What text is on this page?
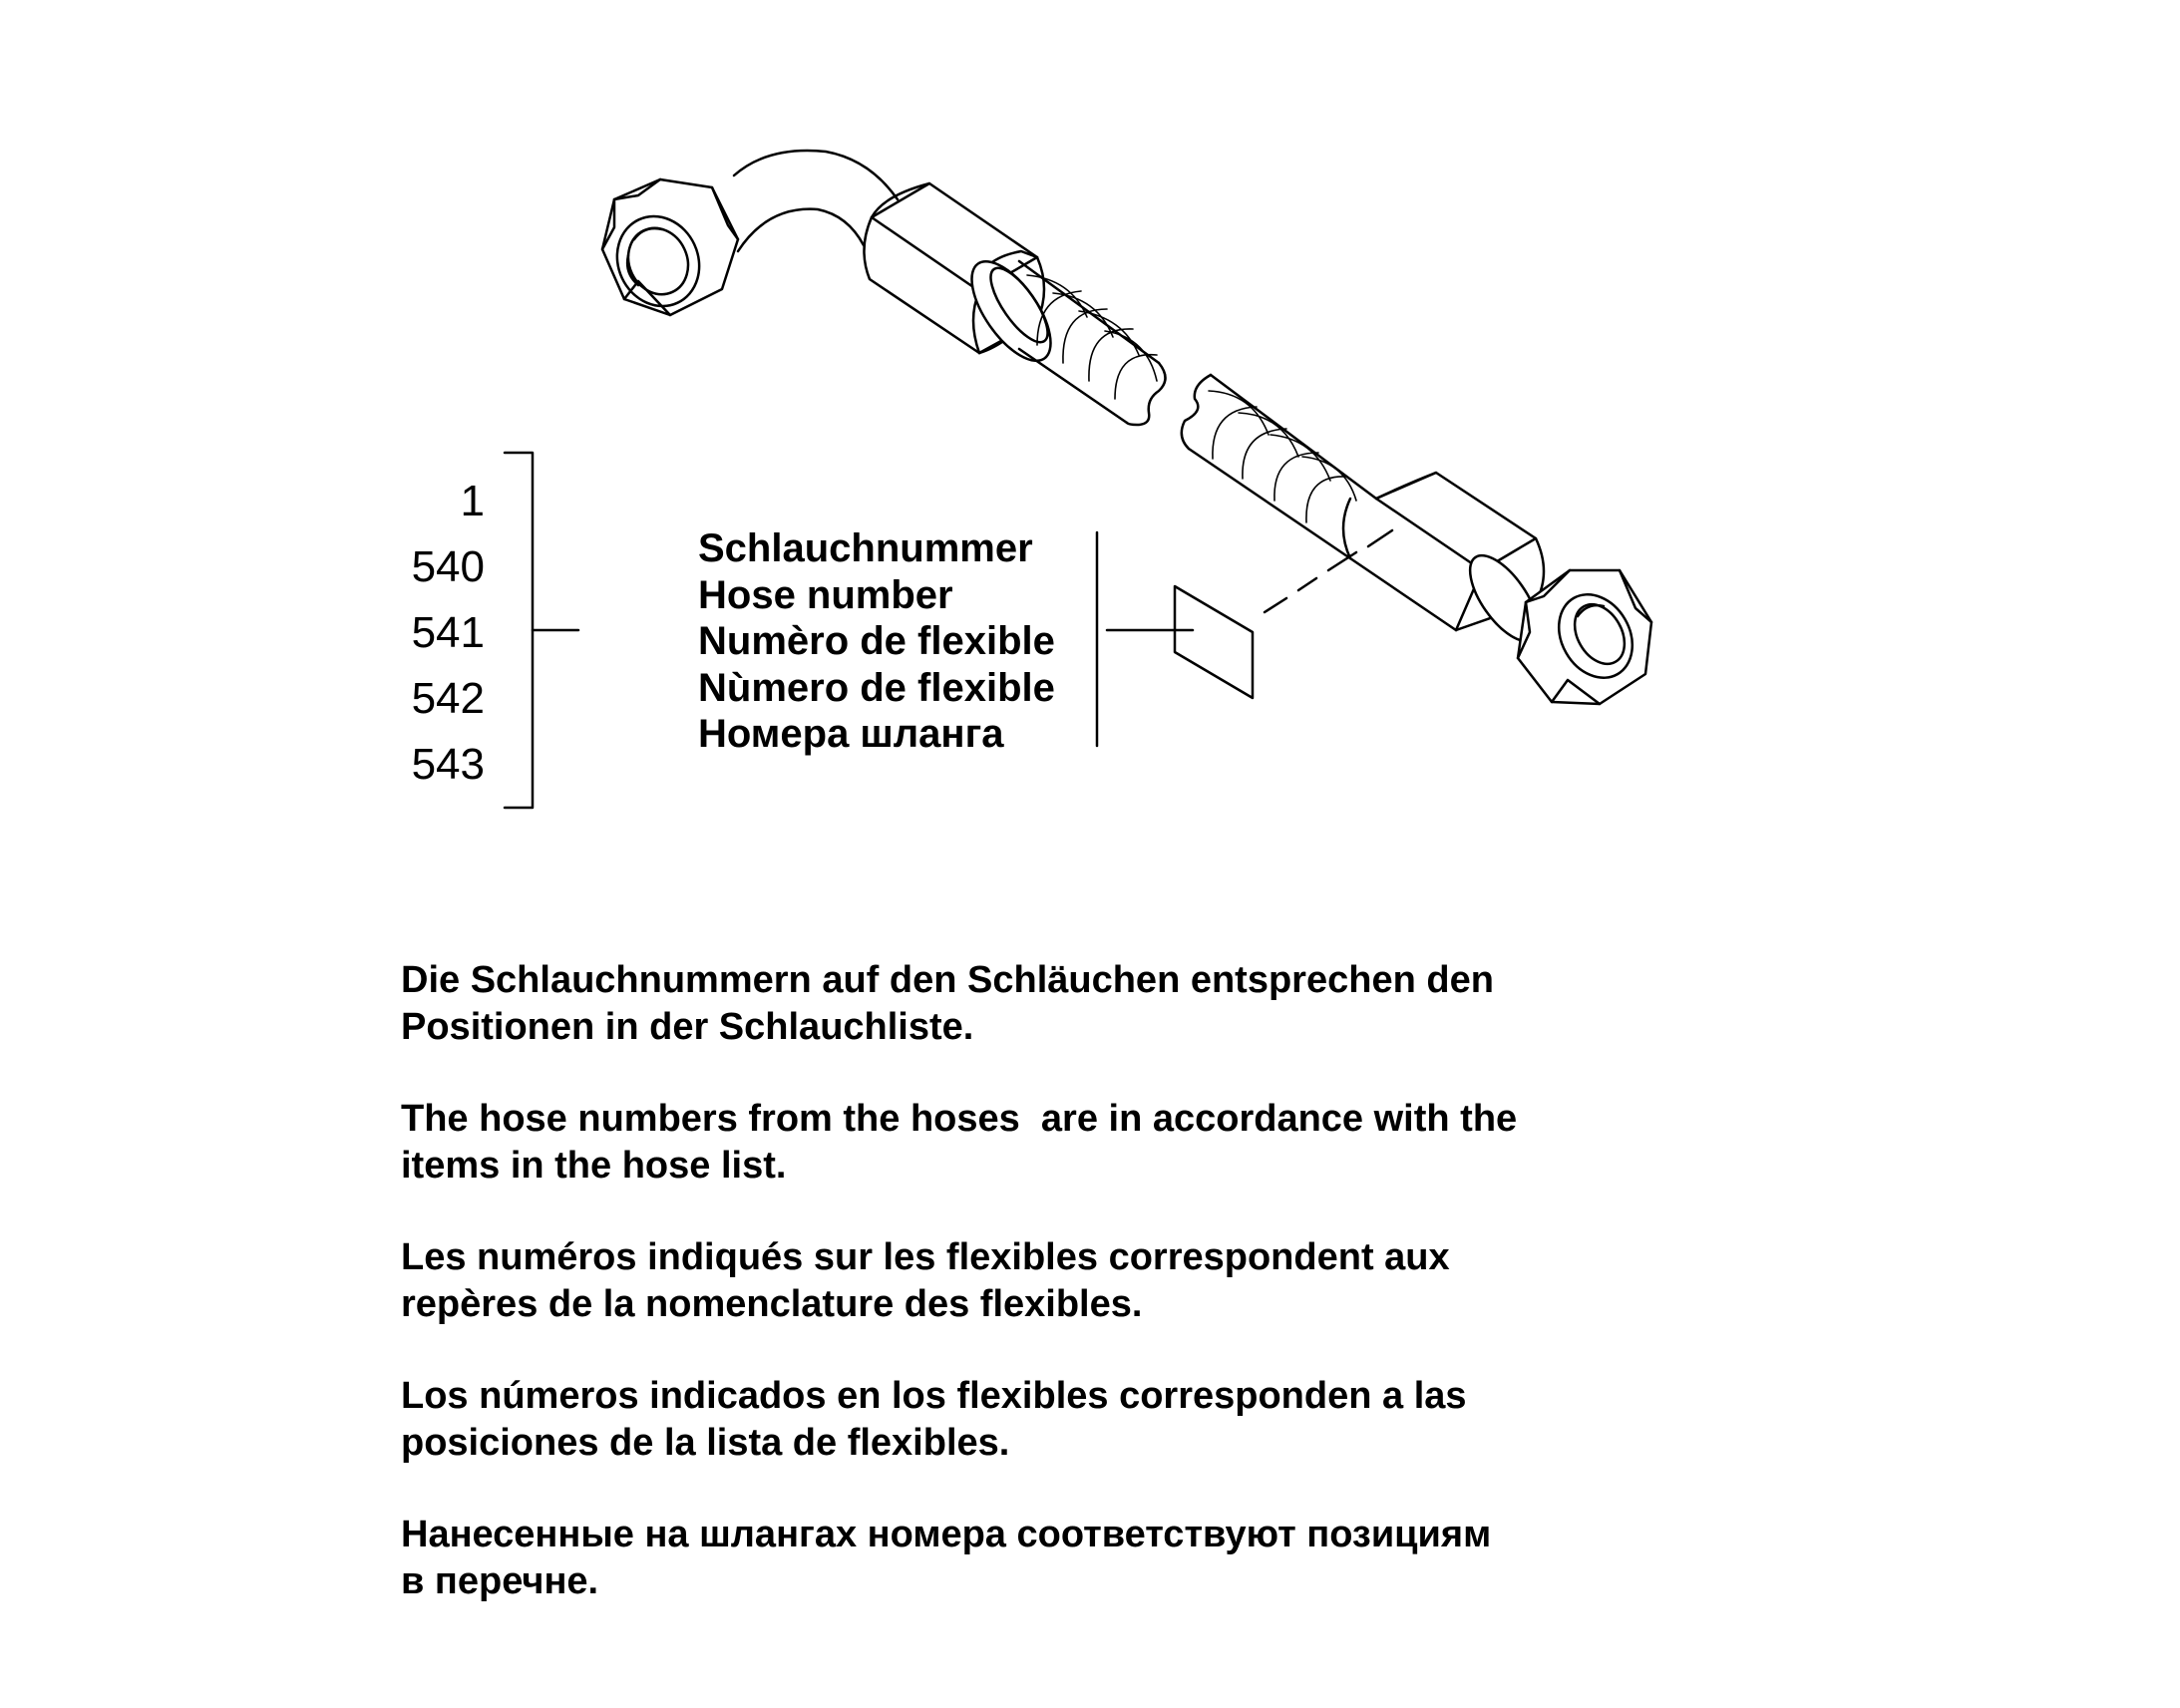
1
540
541
542
543
Schlauchnummer
Hose number
Numèro de flexible
Nùmero de flexible
Номера шланга

Die Schlauchnummern auf den Schläuchen entsprechen den
Positionen in der Schlauchliste.

The hose numbers from the hoses  are in accordance with the
items in the hose list.

Les numéros indiqués sur les flexibles correspondent aux
repères de la nomenclature des flexibles.

Los números indicados en los flexibles corresponden a las
posiciones de la lista de flexibles.

Нанесенные на шлангах номера соответствуют позициям
в перечне.
